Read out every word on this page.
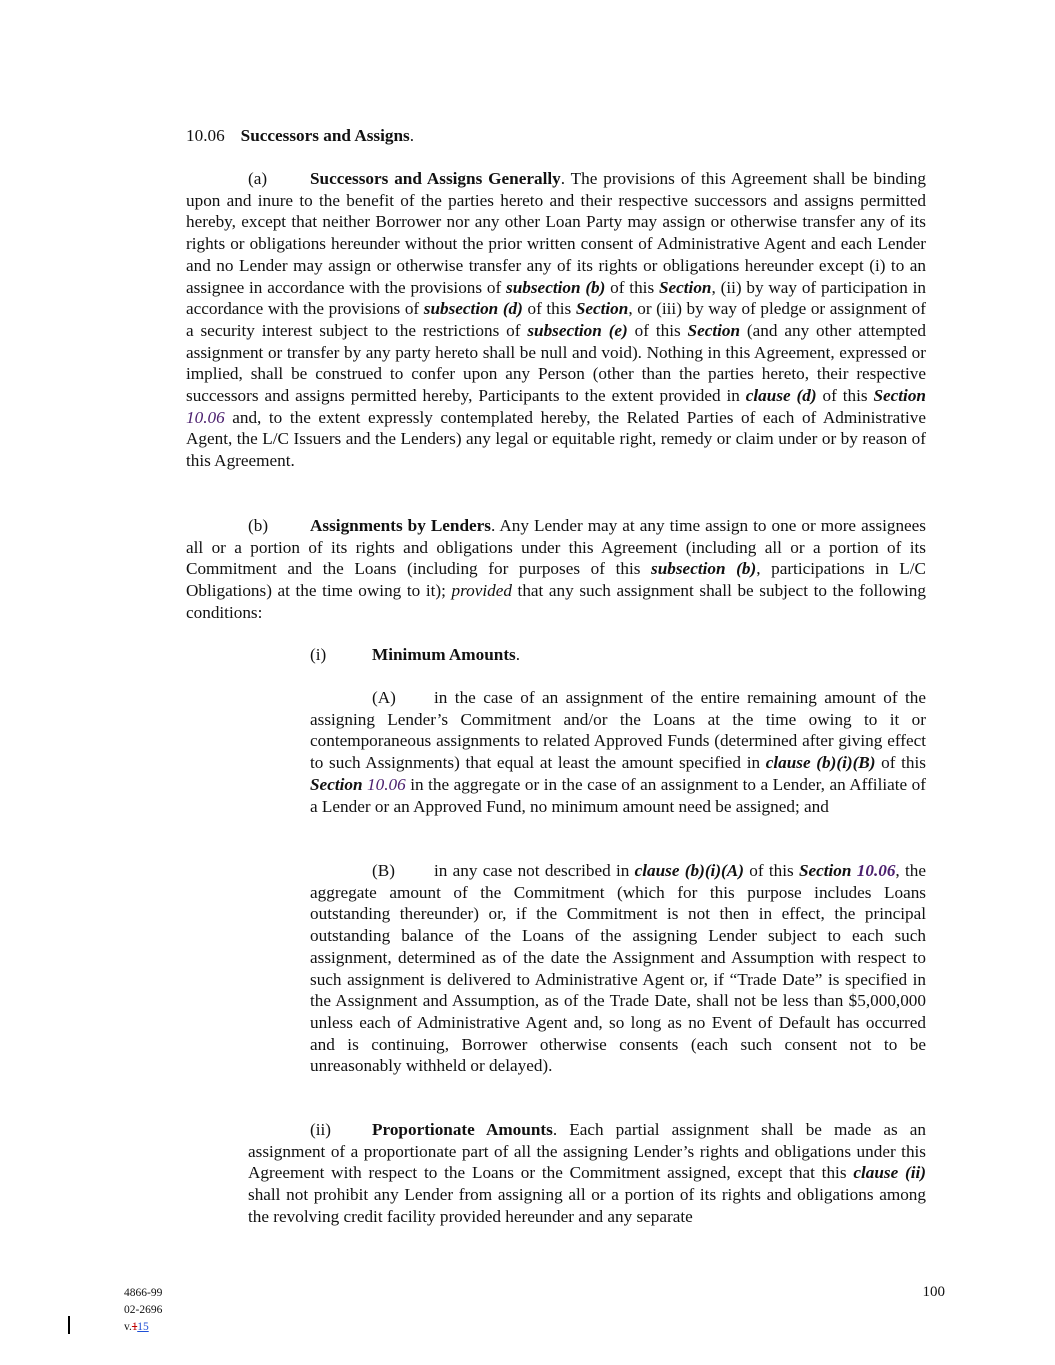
10.06 Successors and Assigns.

(a) Successors and Assigns Generally. The provisions of this Agreement shall be binding upon and inure to the benefit of the parties hereto and their respective successors and assigns permitted hereby, except that neither Borrower nor any other Loan Party may assign or otherwise transfer any of its rights or obligations hereunder without the prior written consent of Administrative Agent and each Lender and no Lender may assign or otherwise transfer any of its rights or obligations hereunder except (i) to an assignee in accordance with the provisions of subsection (b) of this Section, (ii) by way of participation in accordance with the provisions of subsection (d) of this Section, or (iii) by way of pledge or assignment of a security interest subject to the restrictions of subsection (e) of this Section (and any other attempted assignment or transfer by any party hereto shall be null and void). Nothing in this Agreement, expressed or implied, shall be construed to confer upon any Person (other than the parties hereto, their respective successors and assigns permitted hereby, Participants to the extent provided in clause (d) of this Section 10.06 and, to the extent expressly contemplated hereby, the Related Parties of each of Administrative Agent, the L/C Issuers and the Lenders) any legal or equitable right, remedy or claim under or by reason of this Agreement.

(b) Assignments by Lenders. Any Lender may at any time assign to one or more assignees all or a portion of its rights and obligations under this Agreement (including all or a portion of its Commitment and the Loans (including for purposes of this subsection (b), participations in L/C Obligations) at the time owing to it); provided that any such assignment shall be subject to the following conditions:

(i)	Minimum Amounts.

(A) in the case of an assignment of the entire remaining amount of the assigning Lender’s Commitment and/or the Loans at the time owing to it or contemporaneous assignments to related Approved Funds (determined after giving effect to such Assignments) that equal at least the amount specified in clause (b)(i)(B) of this Section 10.06 in the aggregate or in the case of an assignment to a Lender, an Affiliate of a Lender or an Approved Fund, no minimum amount need be assigned; and

(B) in any case not described in clause (b)(i)(A) of this Section 10.06, the aggregate amount of the Commitment (which for this purpose includes Loans outstanding thereunder) or, if the Commitment is not then in effect, the principal outstanding balance of the Loans of the assigning Lender subject to each such assignment, determined as of the date the Assignment and Assumption with respect to such assignment is delivered to Administrative Agent or, if “Trade Date” is specified in the Assignment and Assumption, as of the Trade Date, shall not be less than $5,000,000 unless each of Administrative Agent and, so long as no Event of Default has occurred and is continuing, Borrower otherwise consents (each such consent not to be unreasonably withheld or delayed).

(ii) Proportionate Amounts. Each partial assignment shall be made as an assignment of a proportionate part of all the assigning Lender’s rights and obligations under this Agreement with respect to the Loans or the Commitment assigned, except that this clause (ii) shall not prohibit any Lender from assigning all or a portion of its rights and obligations among the revolving credit facility provided hereunder and any separate

4866-99
02-2696
v.115
100
